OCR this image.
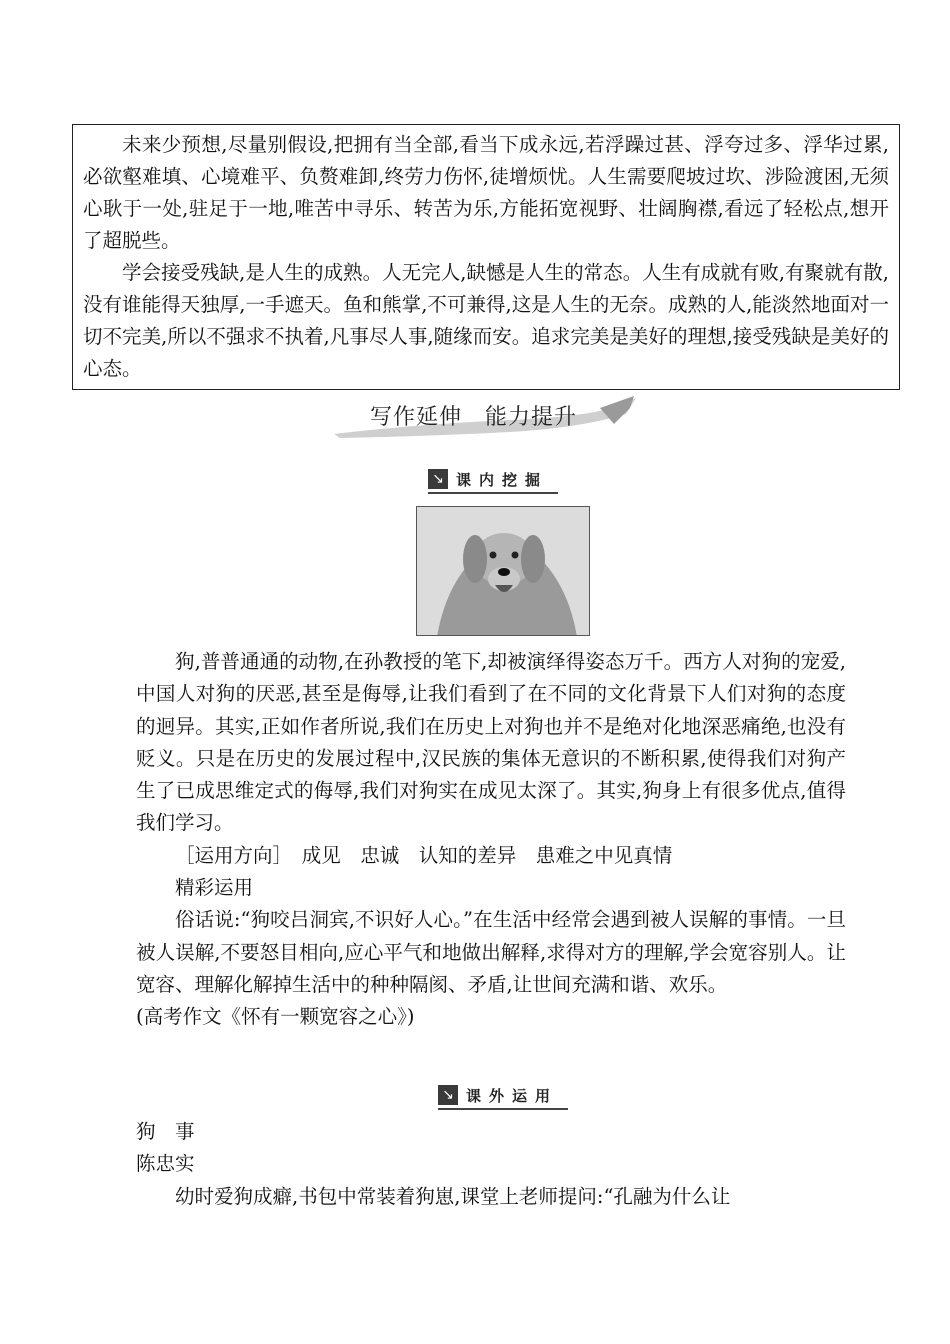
未来少预想,尽量别假设,把拥有当全部,看当下成永远,若浮躁过甚、浮夸过多、浮华过累,必欲壑难填、心境难平、负赘难卸,终劳力伤怀,徒增烦忧。人生需要爬坡过坎、涉险渡困,无须心耿于一处,驻足于一地,唯苦中寻乐、转苦为乐,方能拓宽视野、壮阔胸襟,看远了轻松点,想开了超脱些。

学会接受残缺,是人生的成熟。人无完人,缺憾是人生的常态。人生有成就有败,有聚就有散,没有谁能得天独厚,一手遮天。鱼和熊掌,不可兼得,这是人生的无奈。成熟的人,能淡然地面对一切不完美,所以不强求不执着,凡事尽人事,随缘而安。追求完美是美好的理想,接受残缺是美好的心态。

写作延伸　能力提升
↘ 课内挖掘

狗,普普通通的动物,在孙教授的笔下,却被演绎得姿态万千。西方人对狗的宠爱,中国人对狗的厌恶,甚至是侮辱,让我们看到了在不同的文化背景下人们对狗的态度的迥异。其实,正如作者所说,我们在历史上对狗也并不是绝对化地深恶痛绝,也没有贬义。只是在历史的发展过程中,汉民族的集体无意识的不断积累,使得我们对狗产生了已成思维定式的侮辱,我们对狗实在成见太深了。其实,狗身上有很多优点,值得我们学习。

［运用方向］　成见　忠诚　认知的差异　患难之中见真情

精彩运用

俗话说:“狗咬吕洞宾,不识好人心。”在生活中经常会遇到被人误解的事情。一旦被人误解,不要怒目相向,应心平气和地做出解释,求得对方的理解,学会宽容别人。让宽容、理解化解掉生活中的种种隔阂、矛盾,让世间充满和谐、欢乐。

(高考作文《怀有一颗宽容之心》)

↘ 课外运用

狗　事

陈忠实

幼时爱狗成癖,书包中常装着狗崽,课堂上老师提问:“孔融为什么让
